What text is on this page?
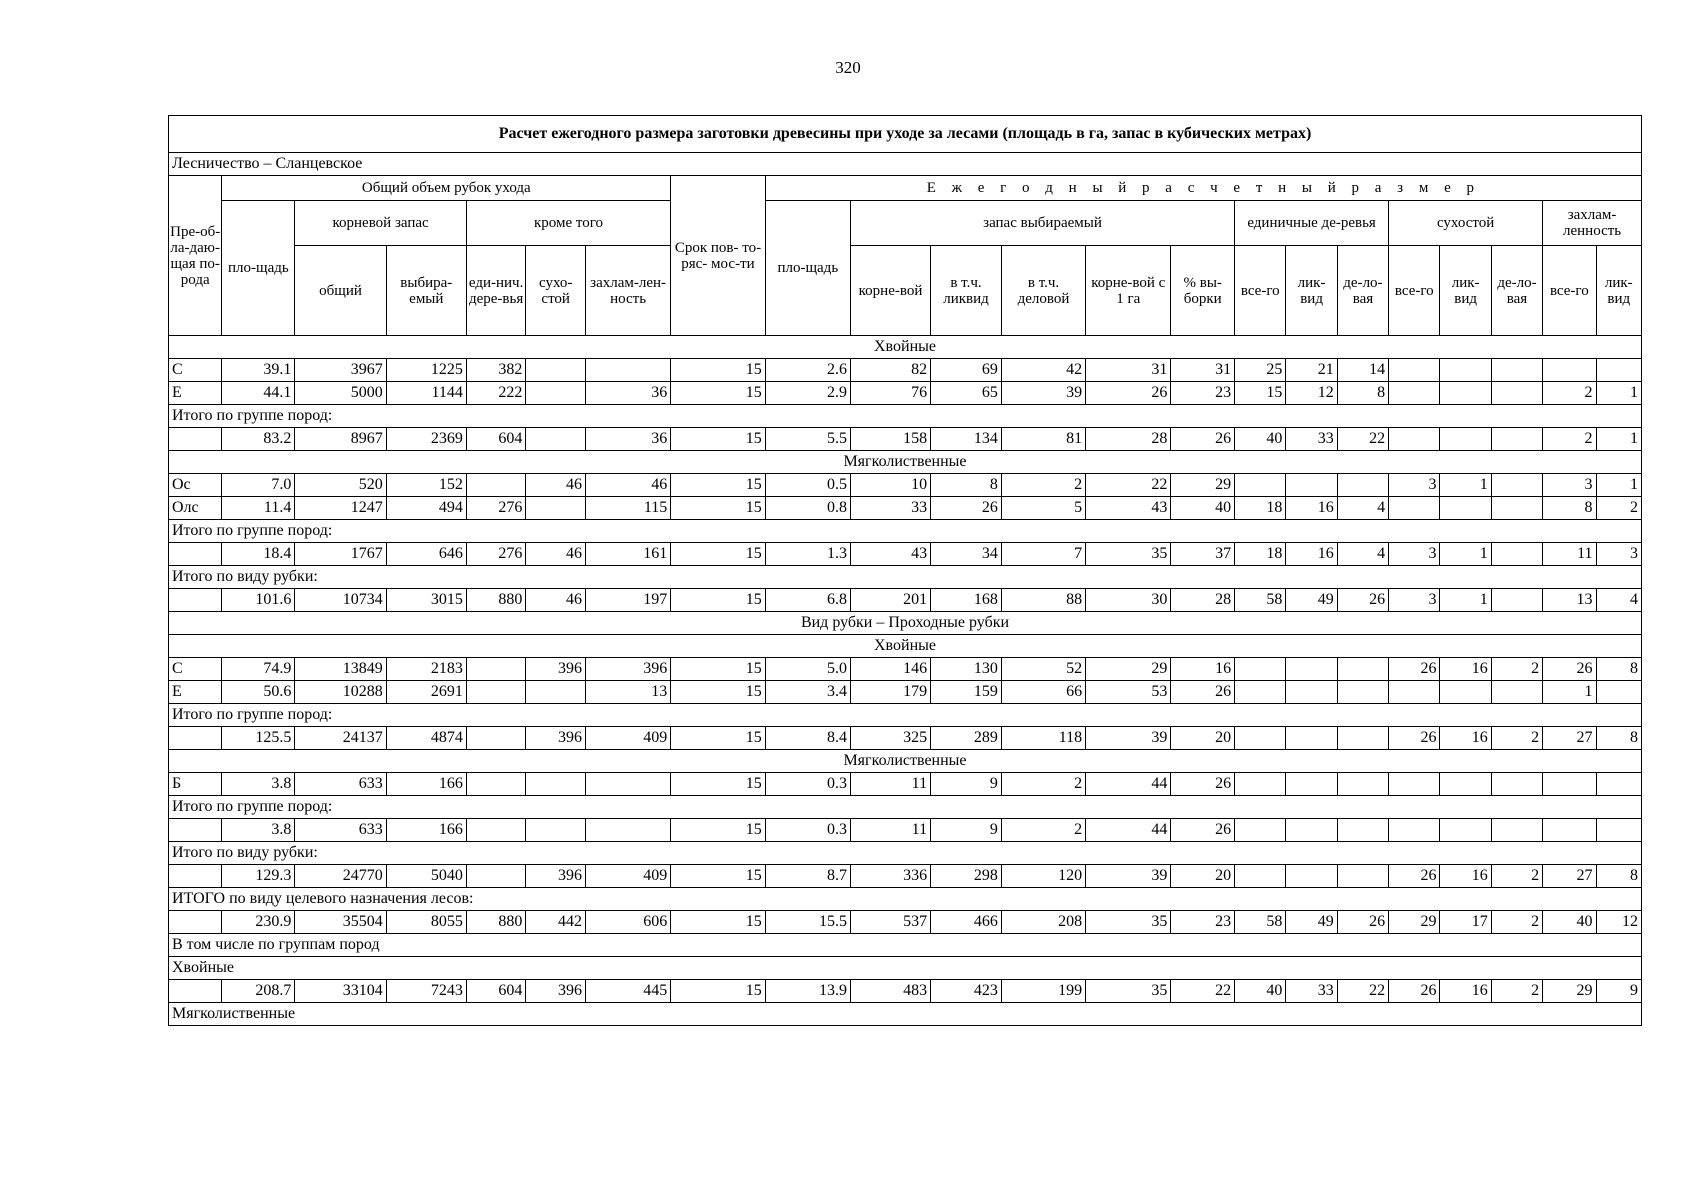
320
Расчет ежегодного размера заготовки древесины при уходе за лесами (площадь в га, запас в кубических метрах)																					
Лесничество – Сланцевское																					
Пре-об-ла-даю-щая по-рода	Общий объем рубок ухода						Срок пов- то-ряс- мос-ти	Е ж е г о д н ы й р а с ч е т н ы й р а з м е р													
	пло-щадь	корневой запас		кроме того				пло-щадь	запас выбираемый					единичные де-ревья			сухостой			захлам-ленность	
		общий	выбира-емый	еди-нич. дере-вья	сухо-стой	захлам-лен-ность			корне-вой	в т.ч. ликвид	в т.ч. деловой	корне-вой с 1 га	% вы-борки	все-го	лик-вид	де-ло-вая	все-го	лик-вид	де-ло-вая	все-го	лик-вид
Хвойные																					
С	39.1	3967	1225	382			15	2.6	82	69	42	31	31	25	21	14					
Е	44.1	5000	1144	222		36	15	2.9	76	65	39	26	23	15	12	8				2	1
Итого по группе пород:																					
	83.2	8967	2369	604		36	15	5.5	158	134	81	28	26	40	33	22				2	1
Мягколиственные																					
Ос	7.0	520	152		46	46	15	0.5	10	8	2	22	29				3	1		3	1
Олс	11.4	1247	494	276		115	15	0.8	33	26	5	43	40	18	16	4				8	2
Итого по группе пород:																					
	18.4	1767	646	276	46	161	15	1.3	43	34	7	35	37	18	16	4	3	1		11	3
Итого по виду рубки:																					
	101.6	10734	3015	880	46	197	15	6.8	201	168	88	30	28	58	49	26	3	1		13	4
Вид рубки – Проходные рубки																					
Хвойные																					
С	74.9	13849	2183		396	396	15	5.0	146	130	52	29	16				26	16	2	26	8
Е	50.6	10288	2691			13	15	3.4	179	159	66	53	26							1	
Итого по группе пород:																					
	125.5	24137	4874		396	409	15	8.4	325	289	118	39	20				26	16	2	27	8
Мягколиственные																					
Б	3.8	633	166				15	0.3	11	9	2	44	26								
Итого по группе пород:																					
	3.8	633	166				15	0.3	11	9	2	44	26								
Итого по виду рубки:																					
	129.3	24770	5040		396	409	15	8.7	336	298	120	39	20				26	16	2	27	8
ИТОГО по виду целевого назначения лесов:																					
	230.9	35504	8055	880	442	606	15	15.5	537	466	208	35	23	58	49	26	29	17	2	40	12
В том числе по группам пород																					
Хвойные																					
	208.7	33104	7243	604	396	445	15	13.9	483	423	199	35	22	40	33	22	26	16	2	29	9
Мягколиственные																					
